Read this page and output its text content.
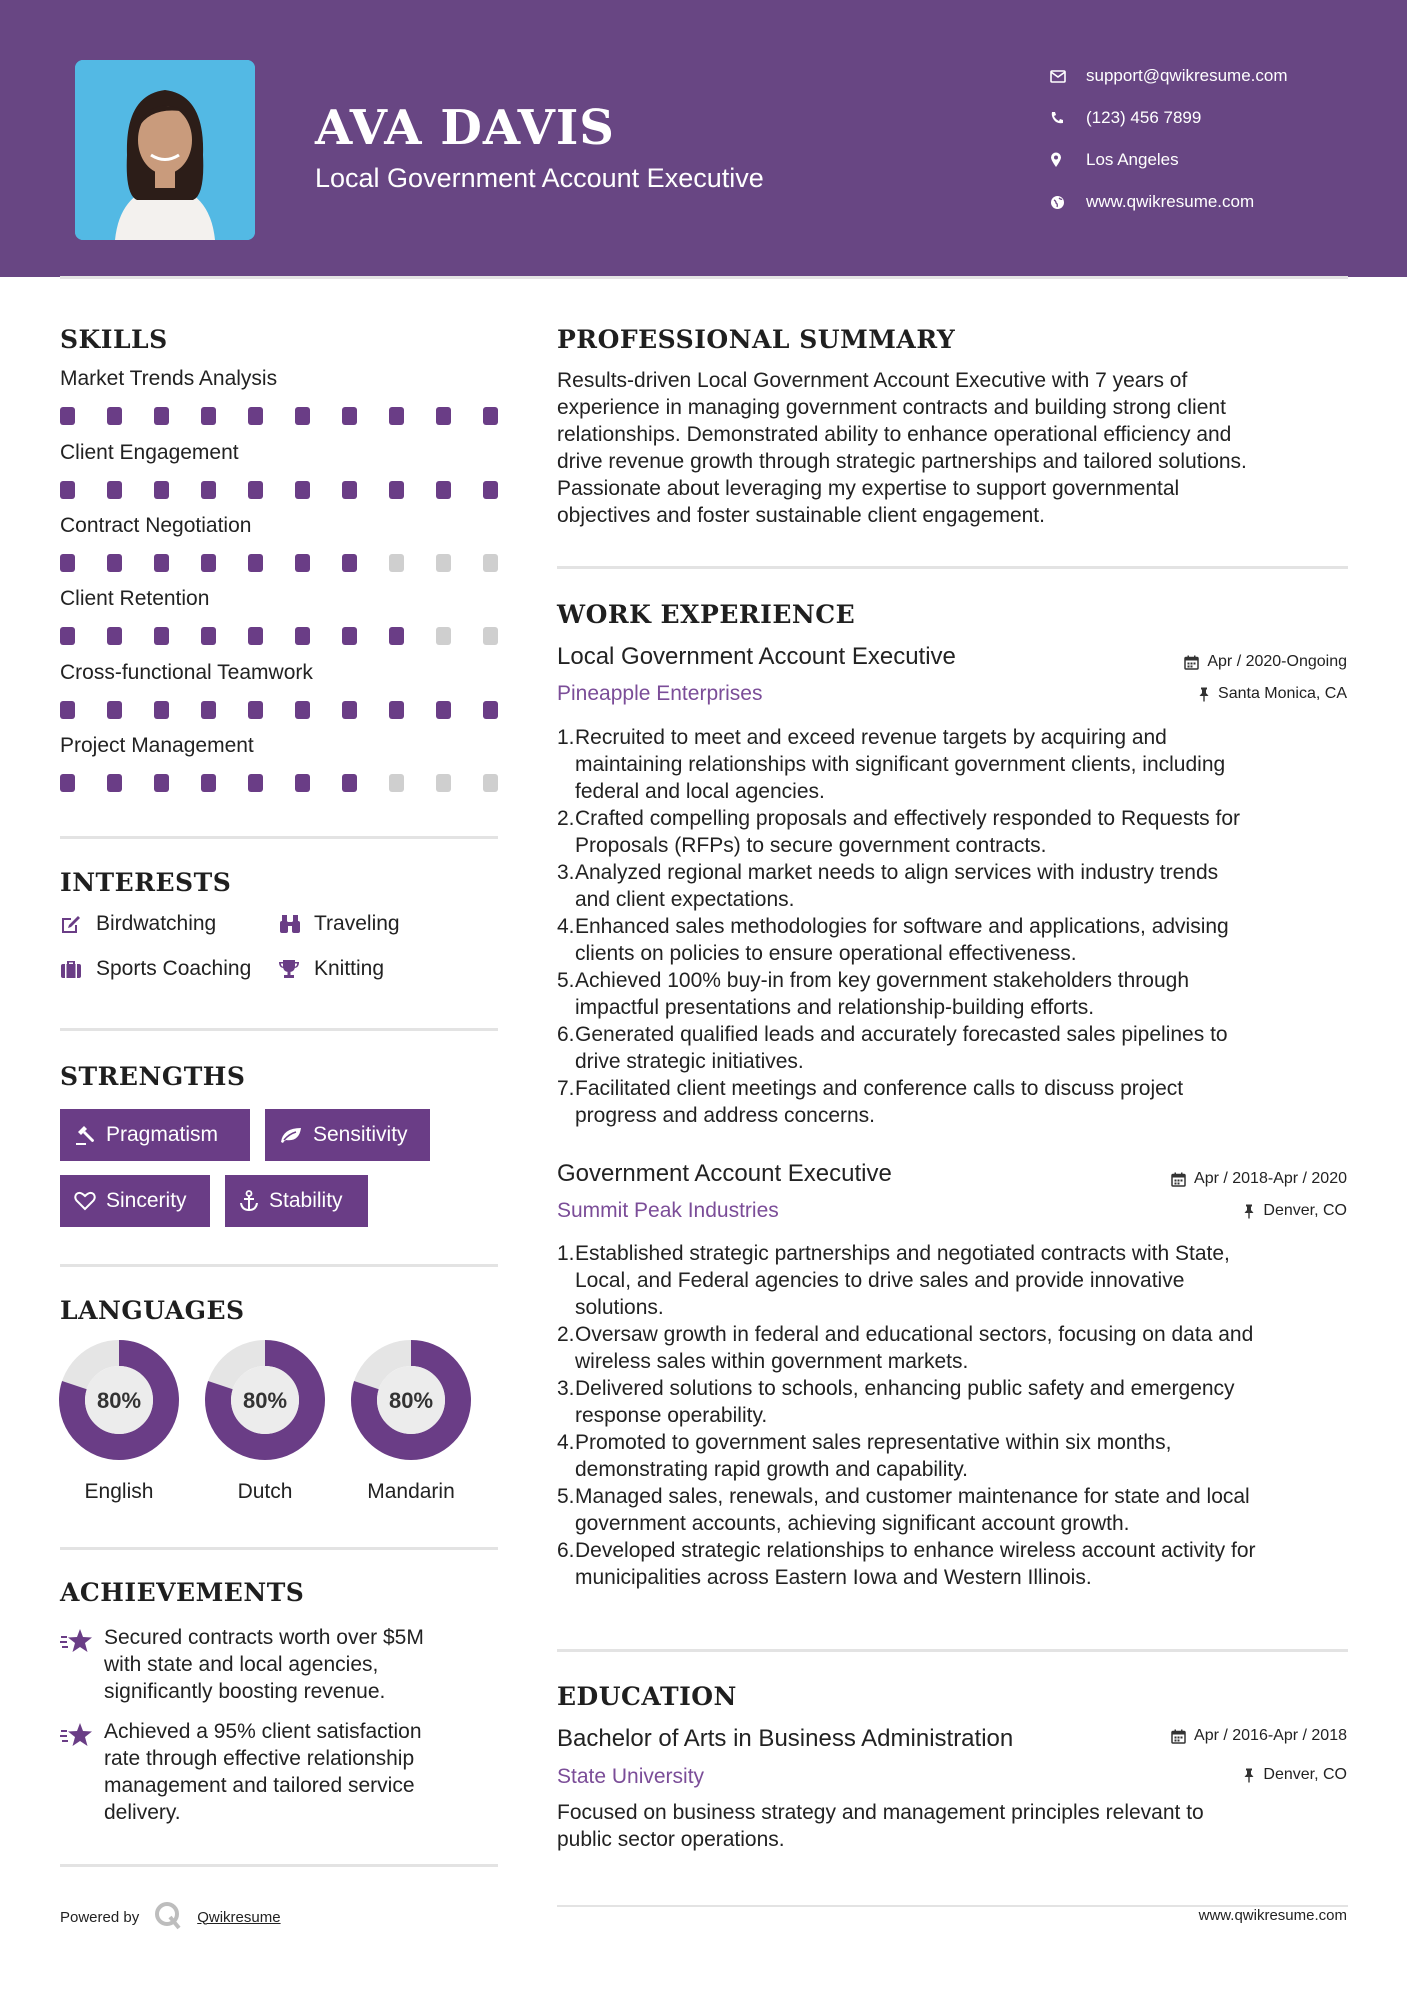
AVA DAVIS
Local Government Account Executive
support@qwikresume.com
(123) 456 7899
Los Angeles
www.qwikresume.com
SKILLS
Market Trends Analysis
Client Engagement
Contract Negotiation
Client Retention
Cross-functional Teamwork
Project Management
INTERESTS
Birdwatching	Traveling
Sports Coaching	Knitting
STRENGTHS
Pragmatism	Sensitivity
Sincerity	Stability
LANGUAGES
80%
English
80%
Dutch
80%
Mandarin
ACHIEVEMENTS
Secured contracts worth over $5M
with state and local agencies,
significantly boosting revenue.
Achieved a 95% client satisfaction
rate through effective relationship
management and tailored service
delivery.
Powered by	Qwikresume
PROFESSIONAL SUMMARY
Results-driven Local Government Account Executive with 7 years of
experience in managing government contracts and building strong client
relationships. Demonstrated ability to enhance operational efficiency and
drive revenue growth through strategic partnerships and tailored solutions.
Passionate about leveraging my expertise to support governmental
objectives and foster sustainable client engagement.
WORK EXPERIENCE
Local Government Account Executive	Apr / 2020-Ongoing
Pineapple Enterprises	Santa Monica, CA
1. Recruited to meet and exceed revenue targets by acquiring and
maintaining relationships with significant government clients, including
federal and local agencies.
2. Crafted compelling proposals and effectively responded to Requests for
Proposals (RFPs) to secure government contracts.
3. Analyzed regional market needs to align services with industry trends
and client expectations.
4. Enhanced sales methodologies for software and applications, advising
clients on policies to ensure operational effectiveness.
5. Achieved 100% buy-in from key government stakeholders through
impactful presentations and relationship-building efforts.
6. Generated qualified leads and accurately forecasted sales pipelines to
drive strategic initiatives.
7. Facilitated client meetings and conference calls to discuss project
progress and address concerns.
Government Account Executive	Apr / 2018-Apr / 2020
Summit Peak Industries	Denver, CO
1. Established strategic partnerships and negotiated contracts with State,
Local, and Federal agencies to drive sales and provide innovative
solutions.
2. Oversaw growth in federal and educational sectors, focusing on data and
wireless sales within government markets.
3. Delivered solutions to schools, enhancing public safety and emergency
response operability.
4. Promoted to government sales representative within six months,
demonstrating rapid growth and capability.
5. Managed sales, renewals, and customer maintenance for state and local
government accounts, achieving significant account growth.
6. Developed strategic relationships to enhance wireless account activity for
municipalities across Eastern Iowa and Western Illinois.
EDUCATION
Bachelor of Arts in Business Administration	Apr / 2016-Apr / 2018
State University	Denver, CO
Focused on business strategy and management principles relevant to
public sector operations.
www.qwikresume.com
